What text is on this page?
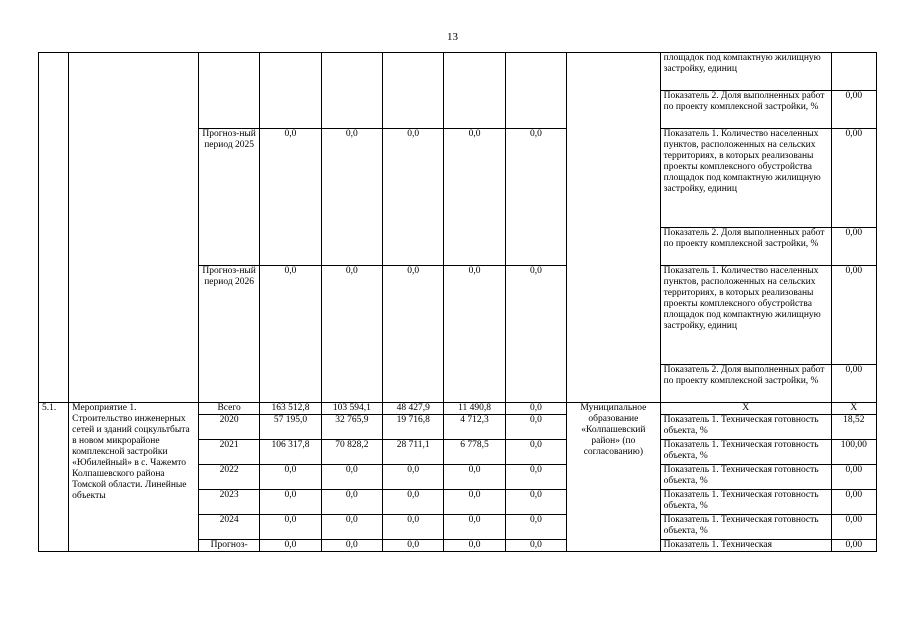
13
									площадок под компактную жилищную застройку, единиц	
									Показатель 2. Доля выполненных работ по проекту комплексной застройки, %	0,00
		Прогноз-ный период 2025	0,0	0,0	0,0	0,0	0,0		Показатель 1. Количество населенных пунктов, расположенных на сельских территориях, в которых реализованы проекты комплексного обустройства площадок под компактную жилищную застройку, единиц	0,00
									Показатель 2. Доля выполненных работ по проекту комплексной застройки, %	0,00
		Прогноз-ный период 2026	0,0	0,0	0,0	0,0	0,0		Показатель 1. Количество населенных пунктов, расположенных на сельских территориях, в которых реализованы проекты комплексного обустройства площадок под компактную жилищную застройку, единиц	0,00
									Показатель 2. Доля выполненных работ по проекту комплексной застройки, %	0,00
5.1.	Мероприятие 1. Строительство инженерных сетей и зданий соцкультбыта в новом микрорайоне комплексной застройки «Юбилейный» в с. Чажемто Колпашевского района Томской области. Линейные объекты	Всего	163 512,8	103 594,1	48 427,9	11 490,8	0,0	Муниципальное образование «Колпашевский район» (по согласованию)	X	X
		2020	57 195,0	32 765,9	19 716,8	4 712,3	0,0		Показатель 1. Техническая готовность объекта, %	18,52
		2021	106 317,8	70 828,2	28 711,1	6 778,5	0,0		Показатель 1. Техническая готовность объекта, %	100,00
		2022	0,0	0,0	0,0	0,0	0,0		Показатель 1. Техническая готовность объекта, %	0,00
		2023	0,0	0,0	0,0	0,0	0,0		Показатель 1. Техническая готовность объекта, %	0,00
		2024	0,0	0,0	0,0	0,0	0,0		Показатель 1. Техническая готовность объекта, %	0,00
		Прогноз-	0,0	0,0	0,0	0,0	0,0		Показатель 1. Техническая	0,00
